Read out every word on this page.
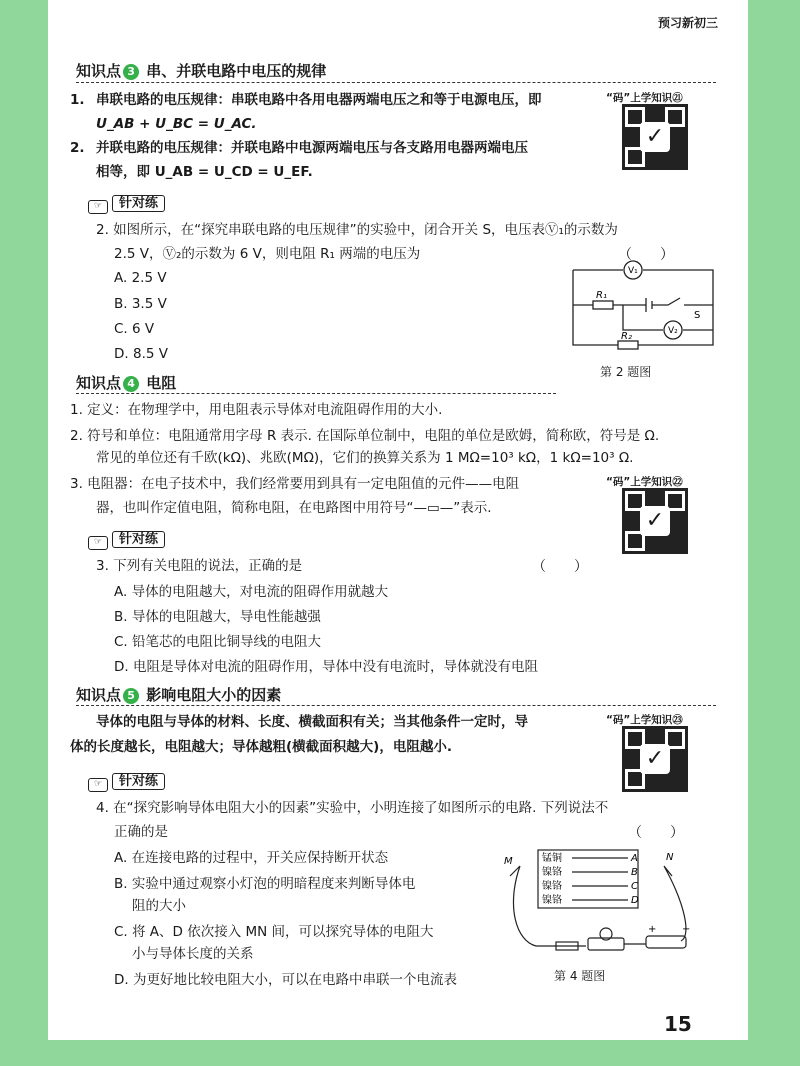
预习新初三
知识点 3 串、并联电路中电压的规律
1. 串联电路的电压规律：串联电路中各用电器两端电压之和等于电源电压，即
U_AB + U_BC = U_AC.
2. 并联电路的电压规律：并联电路中电源两端电压与各支路用电器两端电压
相等，即 U_AB = U_CD = U_EF.
“码”上学知识㉑
✓
☞ 针对练
2. 如图所示，在“探究串联电路的电压规律”的实验中，闭合开关 S，电压表Ⓥ₁的示数为
2.5 V，Ⓥ₂的示数为 6 V，则电阻 R₁ 两端的电压为	（　　）
A. 2.5 V
B. 3.5 V
C. 6 V
D. 8.5 V
V₁
V₂
R₁
R₂
S
第 2 题图
知识点 4 电阻
1. 定义：在物理学中，用电阻表示导体对电流阻碍作用的大小.
2. 符号和单位：电阻通常用字母 R 表示. 在国际单位制中，电阻的单位是欧姆，简称欧，符号是 Ω.
常见的单位还有千欧(kΩ)、兆欧(MΩ)，它们的换算关系为 1 MΩ=10³ kΩ，1 kΩ=10³ Ω.
3. 电阻器：在电子技术中，我们经常要用到具有一定电阻值的元件——电阻
器，也叫作定值电阻，简称电阻，在电路图中用符号“—▭—”表示.
“码”上学知识㉒
✓
☞ 针对练
3. 下列有关电阻的说法，正确的是	（　　）
A. 导体的电阻越大，对电流的阻碍作用就越大
B. 导体的电阻越大，导电性能越强
C. 铅笔芯的电阻比铜导线的电阻大
D. 电阻是导体对电流的阻碍作用，导体中没有电流时，导体就没有电阻
知识点 5 影响电阻大小的因素
导体的电阻与导体的材料、长度、横截面积有关；当其他条件一定时，导
体的长度越长，电阻越大；导体越粗(横截面积越大)，电阻越小.
“码”上学知识㉓
✓
☞ 针对练
4. 在“探究影响导体电阻大小的因素”实验中，小明连接了如图所示的电路. 下列说法不
正确的是	（　　）
A. 在连接电路的过程中，开关应保持断开状态
B. 实验中通过观察小灯泡的明暗程度来判断导体电
阻的大小
C. 将 A、D 依次接入 MN 间，可以探究导体的电阻大
小与导体长度的关系
D. 为更好地比较电阻大小，可以在电路中串联一个电流表
锰铜
镍铬
镍铬
镍铬
A
B
C
D
M	N
+	−
第 4 题图
15
